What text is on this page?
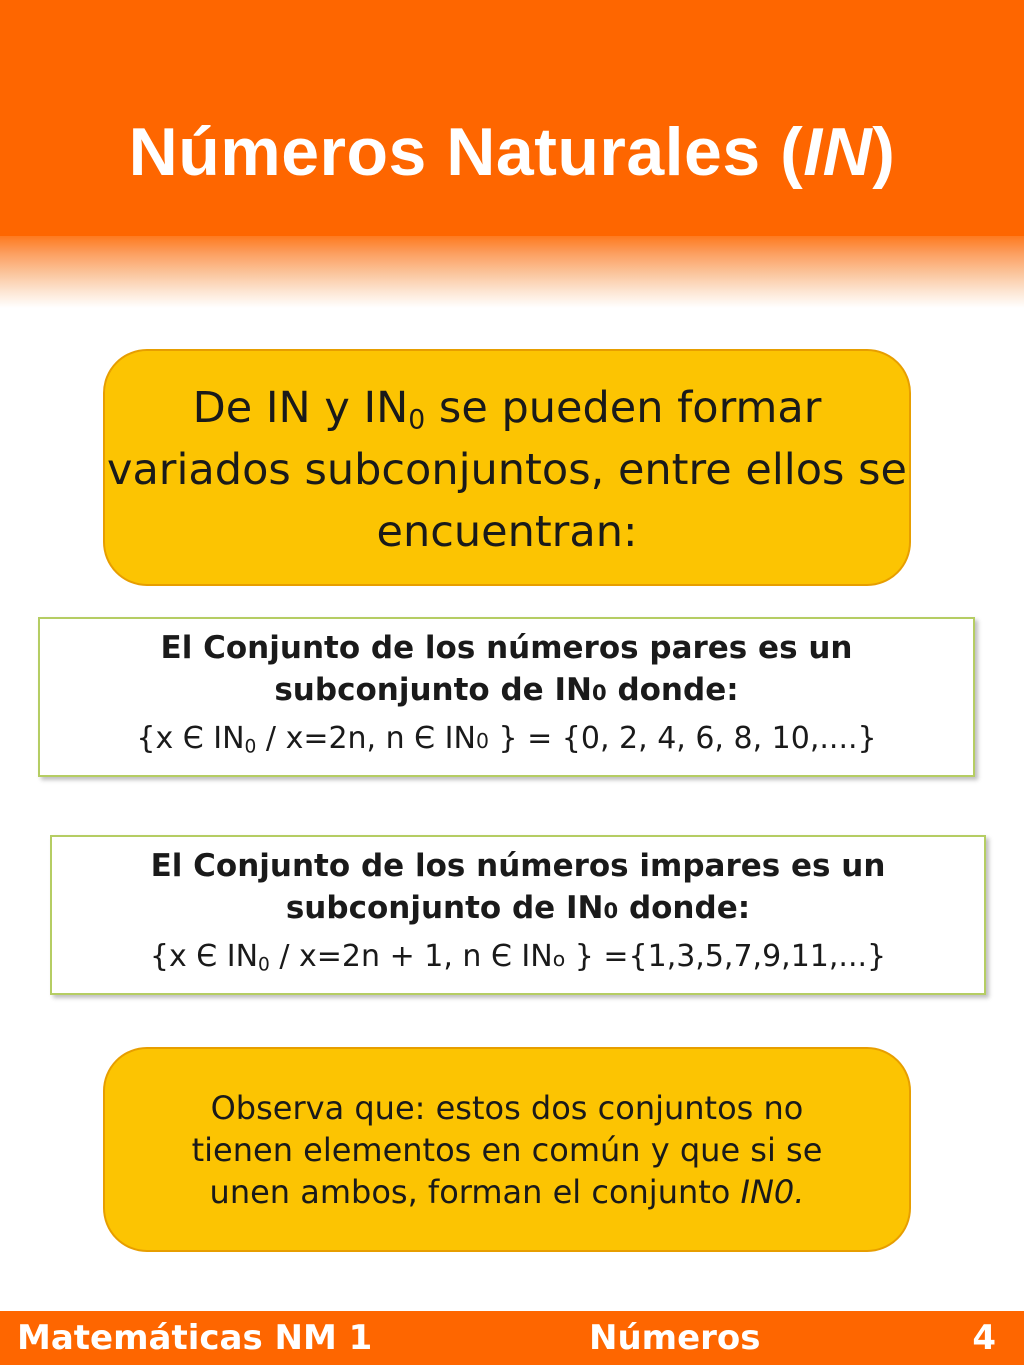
Números Naturales (IN)
De IN y $IN_0$ se pueden formar variados subconjuntos, entre ellos se encuentran:
El Conjunto de los números pares es un subconjunto de IN0 donde:
{x Є $IN_0 / x=2n$, n Є IN0 } = {0, 2, 4, 6, 8, 10,....}
El Conjunto de los números impares es un subconjunto de IN0 donde:
{x Є $IN_0 / x=2n + 1$, n Є INo } ={1,3,5,7,9,11,...}
Observa que: estos dos conjuntos no tienen elementos en común y que si se unen ambos, forman el conjunto IN0.
Matemáticas NM 1	Números	4
